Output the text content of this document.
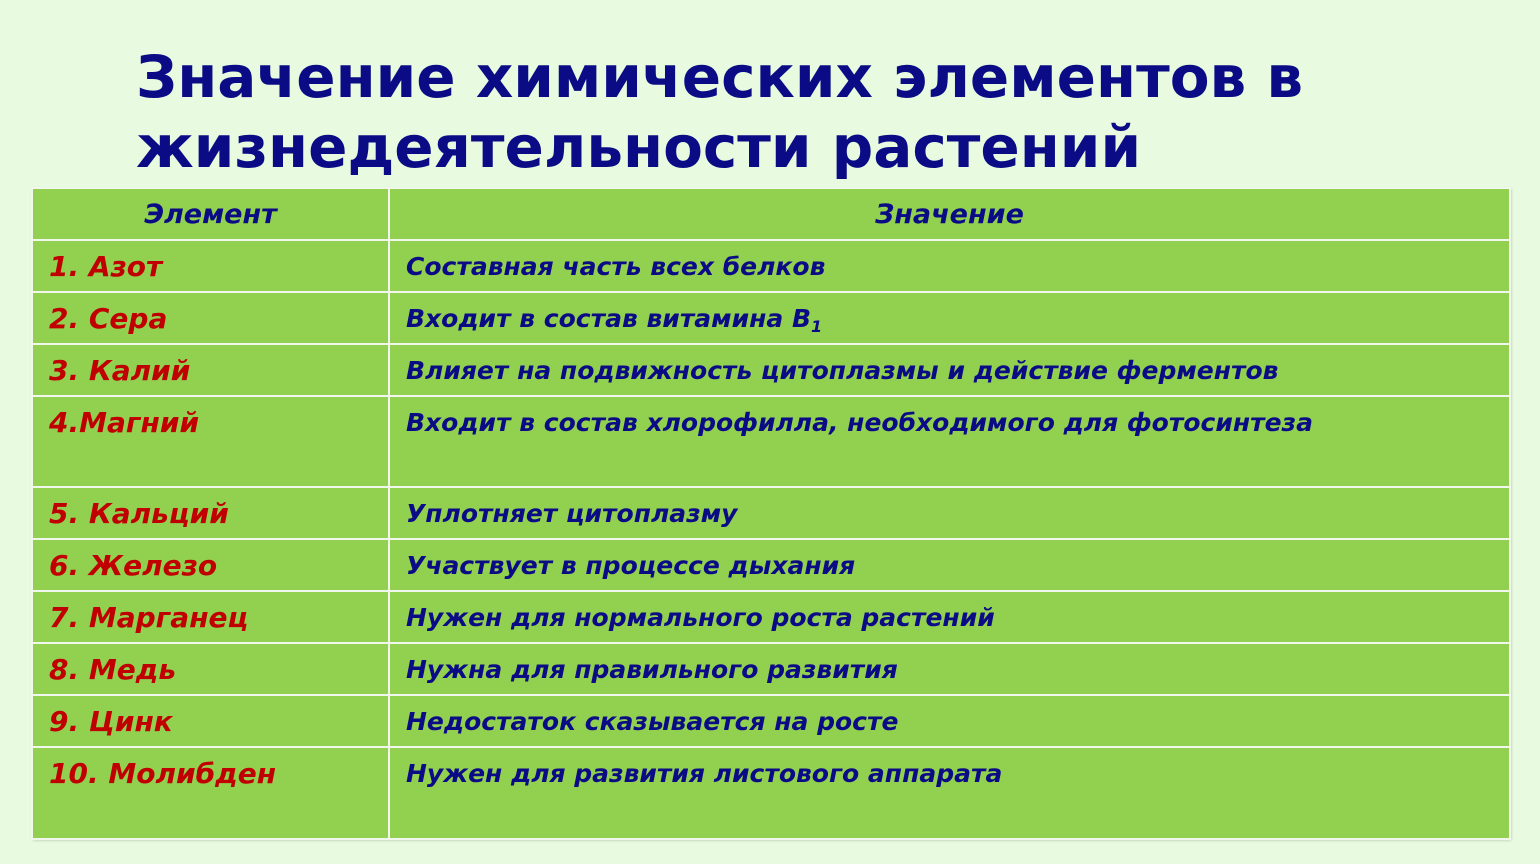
Значение химических элементов в
жизнедеятельности растений
Элемент	Значение

1. Азот	Составная часть всех белков

2. Сера	Входит в состав витамина $В_1$

3. Калий	Влияет на подвижность цитоплазмы и действие ферментов

4.Магний	Входит в состав хлорофилла, необходимого для фотосинтеза

5. Кальций	Уплотняет цитоплазму

6. Железо	Участвует в процессе дыхания

7. Марганец	Нужен для нормального роста растений

8. Медь	Нужна для правильного развития

9. Цинк	Недостаток сказывается на росте

10. Молибден	Нужен для развития листового аппарата
